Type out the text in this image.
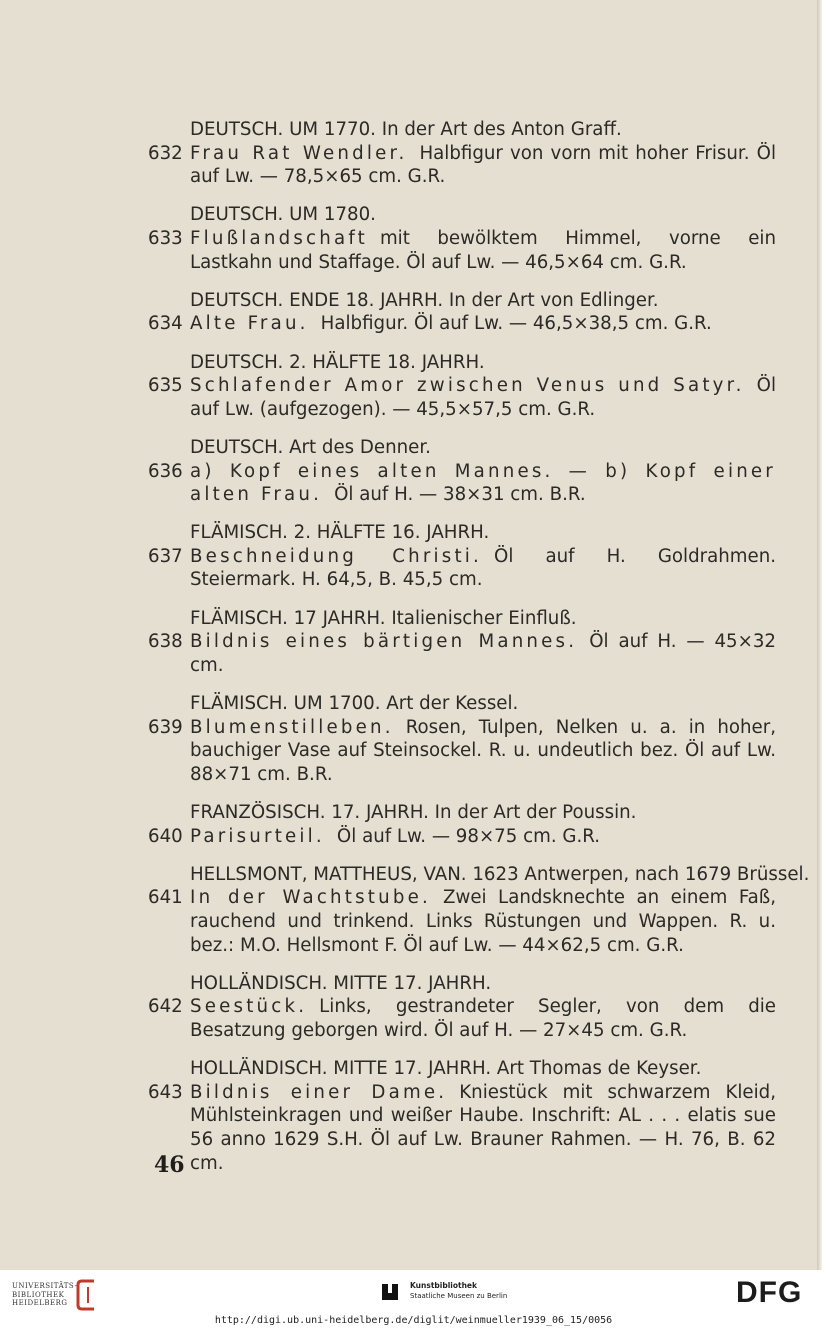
DEUTSCH. UM 1770. In der Art des Anton Graff.
632 Frau Rat Wendler. Halbfigur von vorn mit hoher Frisur. Öl auf Lw. — 78,5×65 cm. G.R.
DEUTSCH. UM 1780.
633 Flußlandschaft mit bewölktem Himmel, vorne ein Lastkahn und Staffage. Öl auf Lw. — 46,5×64 cm. G.R.
DEUTSCH. ENDE 18. JAHRH. In der Art von Edlinger.
634 Alte Frau. Halbfigur. Öl auf Lw. — 46,5×38,5 cm. G.R.
DEUTSCH. 2. HÄLFTE 18. JAHRH.
635 Schlafender Amor zwischen Venus und Satyr. Öl auf Lw. (aufgezogen). — 45,5×57,5 cm. G.R.
DEUTSCH. Art des Denner.
636 a) Kopf eines alten Mannes. — b) Kopf einer alten Frau. Öl auf H. — 38×31 cm. B.R.
FLÄMISCH. 2. HÄLFTE 16. JAHRH.
637 Beschneidung Christi. Öl auf H. Goldrahmen. Steiermark. H. 64,5, B. 45,5 cm.
FLÄMISCH. 17 JAHRH. Italienischer Einfluß.
638 Bildnis eines bärtigen Mannes. Öl auf H. — 45×32 cm.
FLÄMISCH. UM 1700. Art der Kessel.
639 Blumenstilleben. Rosen, Tulpen, Nelken u. a. in hoher, bauchiger Vase auf Steinsockel. R. u. undeutlich bez. Öl auf Lw. 88×71 cm. B.R.
FRANZÖSISCH. 17. JAHRH. In der Art der Poussin.
640 Parisurteil. Öl auf Lw. — 98×75 cm. G.R.
HELLSMONT, MATTHEUS, VAN. 1623 Antwerpen, nach 1679 Brüssel.
641 In der Wachtstube. Zwei Landsknechte an einem Faß, rauchend und trinkend. Links Rüstungen und Wappen. R. u. bez.: M.O. Hellsmont F. Öl auf Lw. — 44×62,5 cm. G.R.
HOLLÄNDISCH. MITTE 17. JAHRH.
642 Seestück. Links, gestrandeter Segler, von dem die Besatzung geborgen wird. Öl auf H. — 27×45 cm. G.R.
HOLLÄNDISCH. MITTE 17. JAHRH. Art Thomas de Keyser.
643 Bildnis einer Dame. Kniestück mit schwarzem Kleid, Mühlsteinkragen und weißer Haube. Inschrift: AL . . . elatis sue 56 anno 1629 S.H. Öl auf Lw. Brauner Rahmen. — H. 76, B. 62 cm.
46
UNIVERSITÄTS-
BIBLIOTHEK
HEIDELBERG
Kunstbibliothek
Staatliche Museen zu Berlin	DFG
http://digi.ub.uni-heidelberg.de/diglit/weinmueller1939_06_15/0056
